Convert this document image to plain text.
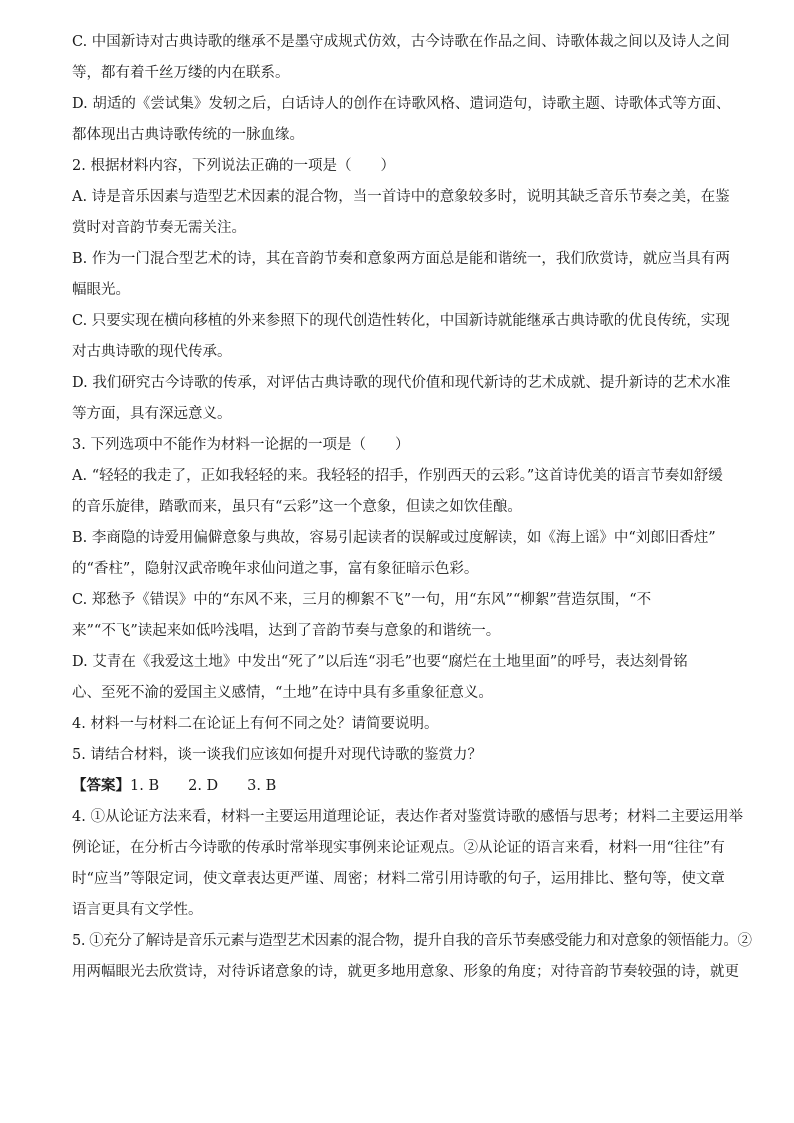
C. 中国新诗对古典诗歌的继承不是墨守成规式仿效，古今诗歌在作品之间、诗歌体裁之间以及诗人之间
等，都有着千丝万缕的内在联系。
D. 胡适的《尝试集》发轫之后，白话诗人的创作在诗歌风格、遣词造句，诗歌主题、诗歌体式等方面、
都体现出古典诗歌传统的一脉血缘。
2. 根据材料内容，下列说法正确的一项是（　　）
A. 诗是音乐因素与造型艺术因素的混合物，当一首诗中的意象较多时，说明其缺乏音乐节奏之美，在鉴
赏时对音韵节奏无需关注。
B. 作为一门混合型艺术的诗，其在音韵节奏和意象两方面总是能和谐统一，我们欣赏诗，就应当具有两
幅眼光。
C. 只要实现在横向移植的外来参照下的现代创造性转化，中国新诗就能继承古典诗歌的优良传统，实现
对古典诗歌的现代传承。
D. 我们研究古今诗歌的传承，对评估古典诗歌的现代价值和现代新诗的艺术成就、提升新诗的艺术水准
等方面，具有深远意义。
3. 下列选项中不能作为材料一论据的一项是（　　）
A. “轻轻的我走了，正如我轻轻的来。我轻轻的招手，作别西天的云彩。”这首诗优美的语言节奏如舒缓
的音乐旋律，踏歌而来，虽只有“云彩”这一个意象，但读之如饮佳酿。
B. 李商隐的诗爱用偏僻意象与典故，容易引起读者的误解或过度解读，如《海上谣》中“刘郎旧香炷”
的“香柱”，隐射汉武帝晚年求仙问道之事，富有象征暗示色彩。
C. 郑愁予《错误》中的“东风不来，三月的柳絮不飞”一句，用“东风”“柳絮”营造氛围，“不
来”“不飞”读起来如低吟浅唱，达到了音韵节奏与意象的和谐统一。
D. 艾青在《我爱这土地》中发出“死了”以后连“羽毛”也要“腐烂在土地里面”的呼号，表达刻骨铭
心、至死不渝的爱国主义感情，“土地”在诗中具有多重象征意义。
4. 材料一与材料二在论证上有何不同之处？请简要说明。
5. 请结合材料，谈一谈我们应该如何提升对现代诗歌的鉴赏力？
【答案】1. B　　2. D　　3. B
4. ①从论证方法来看，材料一主要运用道理论证，表达作者对鉴赏诗歌的感悟与思考；材料二主要运用举
例论证，在分析古今诗歌的传承时常举现实事例来论证观点。②从论证的语言来看，材料一用“往往”有
时“应当”等限定词，使文章表达更严谨、周密；材料二常引用诗歌的句子，运用排比、整句等，使文章
语言更具有文学性。
5. ①充分了解诗是音乐元素与造型艺术因素的混合物，提升自我的音乐节奏感受能力和对意象的领悟能力。②
用两幅眼光去欣赏诗，对待诉诸意象的诗，就更多地用意象、形象的角度；对待音韵节奏较强的诗，就更
